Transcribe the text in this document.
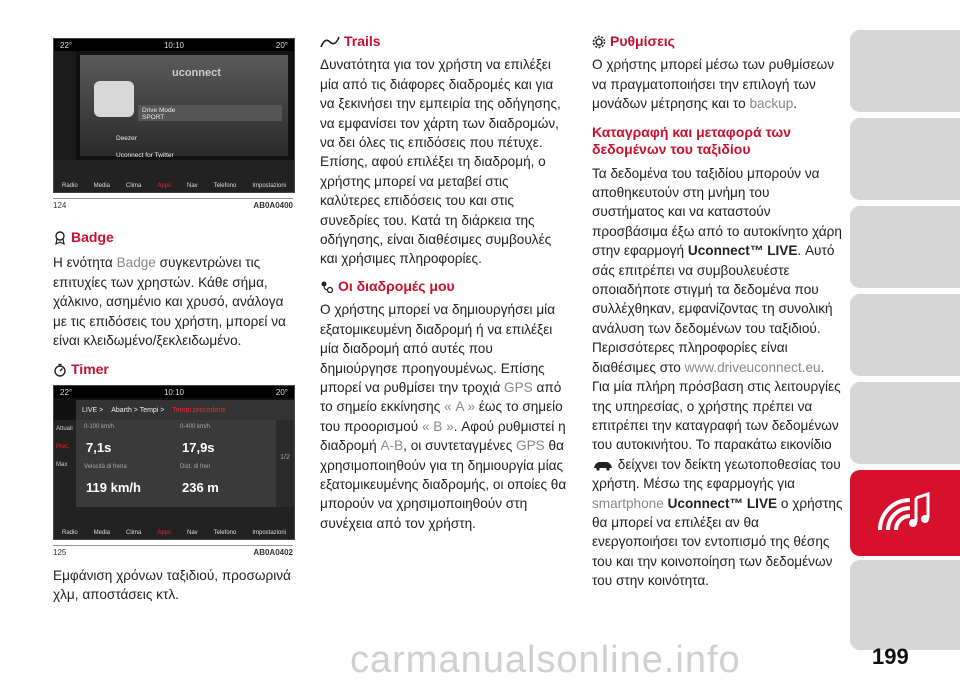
22°	10:10	20°
uconnect
Drive Mode
SPORT
Deezer
Uconnect for Twitter
Radio	Media	Clima	Apps	Nav	Telefono	Impostazioni
124	AB0A0400
Badge

Η ενότητα Badge συγκεντρώνει τις επιτυχίες των χρηστών. Κάθε σήμα, χάλκινο, ασημένιο και χρυσό, ανάλογα με τις επιδόσεις του χρήστη, μπορεί να είναι κλειδωμένο/ξεκλειδωμένο.

Timer
22°	10:10	20°
LIVE > Abarth > Tempi > Tempi precedenti
Attuali
Prec.
Max
0-100 km/h
7,1s
0-400 km/h
17,9s
Velocità di frena
119 km/h
Dist. di fren
236 m
1/2
Radio	Media	Clima	Apps	Nav	Telefono	Impostazioni
125	AB0A0402

Εμφάνιση χρόνων ταξιδιού, προσωρινά χλμ, αποστάσεις κτλ.

Trails

Δυνατότητα για τον χρήστη να επιλέξει μία από τις διάφορες διαδρομές και για να ξεκινήσει την εμπειρία της οδήγησης, να εμφανίσει τον χάρτη των διαδρομών, να δει όλες τις επιδόσεις που πέτυχε.

Επίσης, αφού επιλέξει τη διαδρομή, ο χρήστης μπορεί να μεταβεί στις καλύτερες επιδόσεις του και στις συνεδρίες του. Κατά τη διάρκεια της οδήγησης, είναι διαθέσιμες συμβουλές και χρήσιμες πληροφορίες.

Οι διαδρομές μου

Ο χρήστης μπορεί να δημιουργήσει μία εξατομικευμένη διαδρομή ή να επιλέξει μία διαδρομή από αυτές που δημιούργησε προηγουμένως. Επίσης μπορεί να ρυθμίσει την τροχιά GPS από το σημείο εκκίνησης « A » έως το σημείο του προορισμού « B ». Αφού ρυθμιστεί η διαδρομή A-B, οι συντεταγμένες GPS θα χρησιμοποιηθούν για τη δημιουργία μίας εξατομικευμένης διαδρομής, οι οποίες θα μπορούν να χρησιμοποιηθούν στη συνέχεια από τον χρήστη.

Ρυθμίσεις

Ο χρήστης μπορεί μέσω των ρυθμίσεων να πραγματοποιήσει την επιλογή των μονάδων μέτρησης και το backup.

Καταγραφή και μεταφορά των δεδομένων του ταξιδίου

Τα δεδομένα του ταξιδίου μπορούν να αποθηκευτούν στη μνήμη του συστήματος και να καταστούν προσβάσιμα έξω από το αυτοκίνητο χάρη στην εφαρμογή Uconnect™ LIVE. Αυτό σάς επιτρέπει να συμβουλευέστε οποιαδήποτε στιγμή τα δεδομένα που συλλέχθηκαν, εμφανίζοντας τη συνολική ανάλυση των δεδομένων του ταξιδιού. Περισσότερες πληροφορίες είναι διαθέσιμες στο www.driveuconnect.eu. Για μία πλήρη πρόσβαση στις λειτουργίες της υπηρεσίας, ο χρήστης πρέπει να επιτρέπει την καταγραφή των δεδομένων του αυτοκινήτου. Το παρακάτω εικονίδιο  δείχνει τον δείκτη γεωτοποθεσίας του χρήστη. Μέσω της εφαρμογής για smartphone Uconnect™ LIVE ο χρήστης θα μπορεί να επιλέξει αν θα ενεργοποιήσει τον εντοπισμό της θέσης του και την κοινοποίηση των δεδομένων του στην κοινότητα.

199
carmanualsonline.info
